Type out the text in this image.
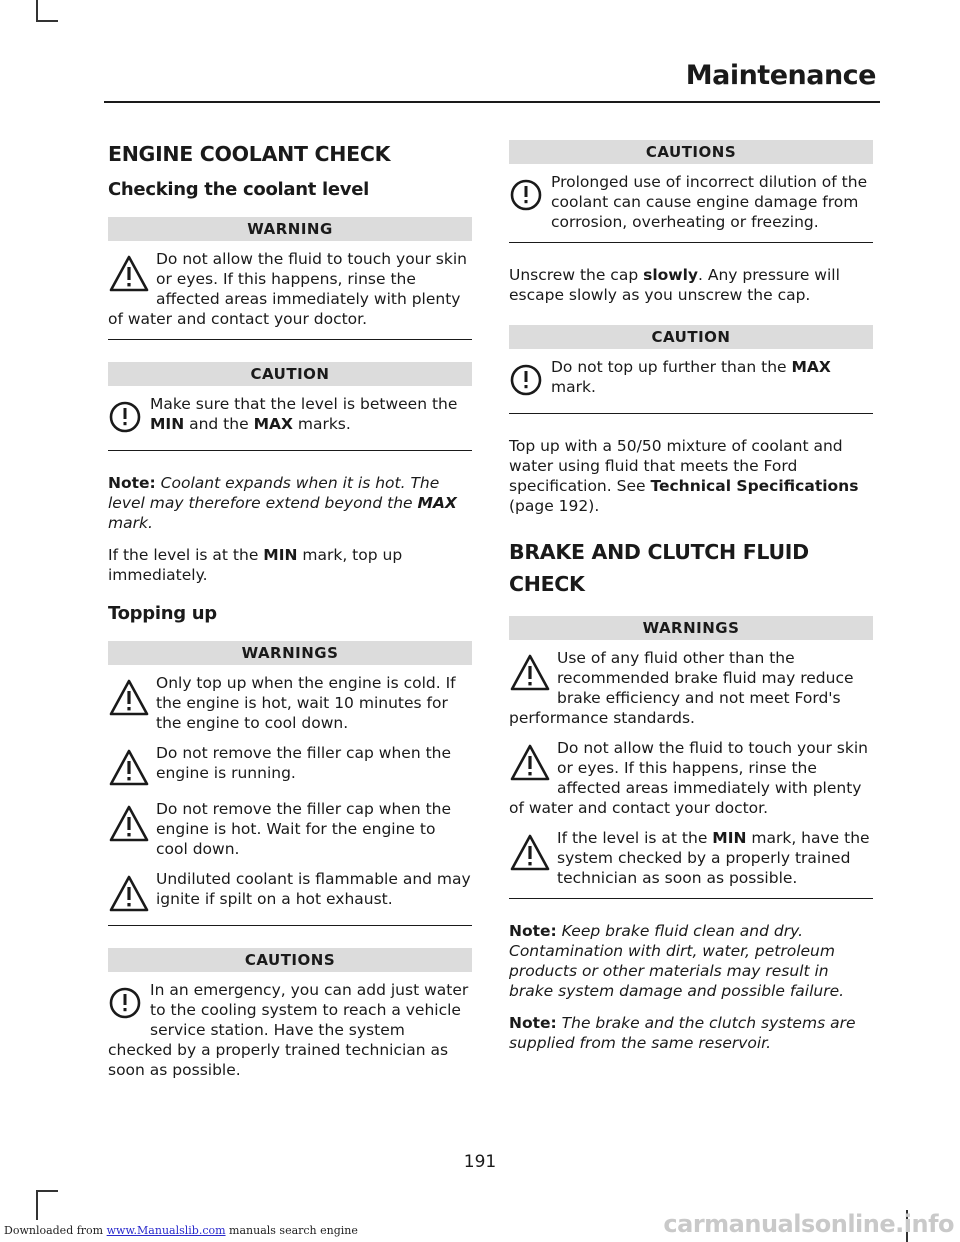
Maintenance
ENGINE COOLANT CHECK
Checking the coolant level
WARNING

Do not allow the fluid to touch your skin or eyes. If this happens, rinse the affected areas immediately with plenty of water and contact your doctor.

CAUTION

Make sure that the level is between the MIN and the MAX marks.

Note: Coolant expands when it is hot. The level may therefore extend beyond the MAX mark.

If the level is at the MIN mark, top up immediately.

Topping up
WARNINGS

Only top up when the engine is cold. If the engine is hot, wait 10 minutes for the engine to cool down.

Do not remove the filler cap when the engine is running.

Do not remove the filler cap when the engine is hot. Wait for the engine to cool down.

Undiluted coolant is flammable and may ignite if spilt on a hot exhaust.

CAUTIONS

In an emergency, you can add just water to the cooling system to reach a vehicle service station. Have the system checked by a properly trained technician as soon as possible.

CAUTIONS

Prolonged use of incorrect dilution of the coolant can cause engine damage from corrosion, overheating or freezing.

Unscrew the cap slowly. Any pressure will escape slowly as you unscrew the cap.

CAUTION

Do not top up further than the MAX mark.

Top up with a 50/50 mixture of coolant and water using fluid that meets the Ford specification. See Technical Specifications (page 192).

BRAKE AND CLUTCH FLUID
CHECK
WARNINGS

Use of any fluid other than the recommended brake fluid may reduce brake efficiency and not meet Ford's performance standards.

Do not allow the fluid to touch your skin or eyes. If this happens, rinse the affected areas immediately with plenty of water and contact your doctor.

If the level is at the MIN mark, have the system checked by a properly trained technician as soon as possible.

Note: Keep brake fluid clean and dry. Contamination with dirt, water, petroleum products or other materials may result in brake system damage and possible failure.

Note: The brake and the clutch systems are supplied from the same reservoir.

191
Downloaded from www.Manualslib.com manuals search engine	carmanualsonline.info
